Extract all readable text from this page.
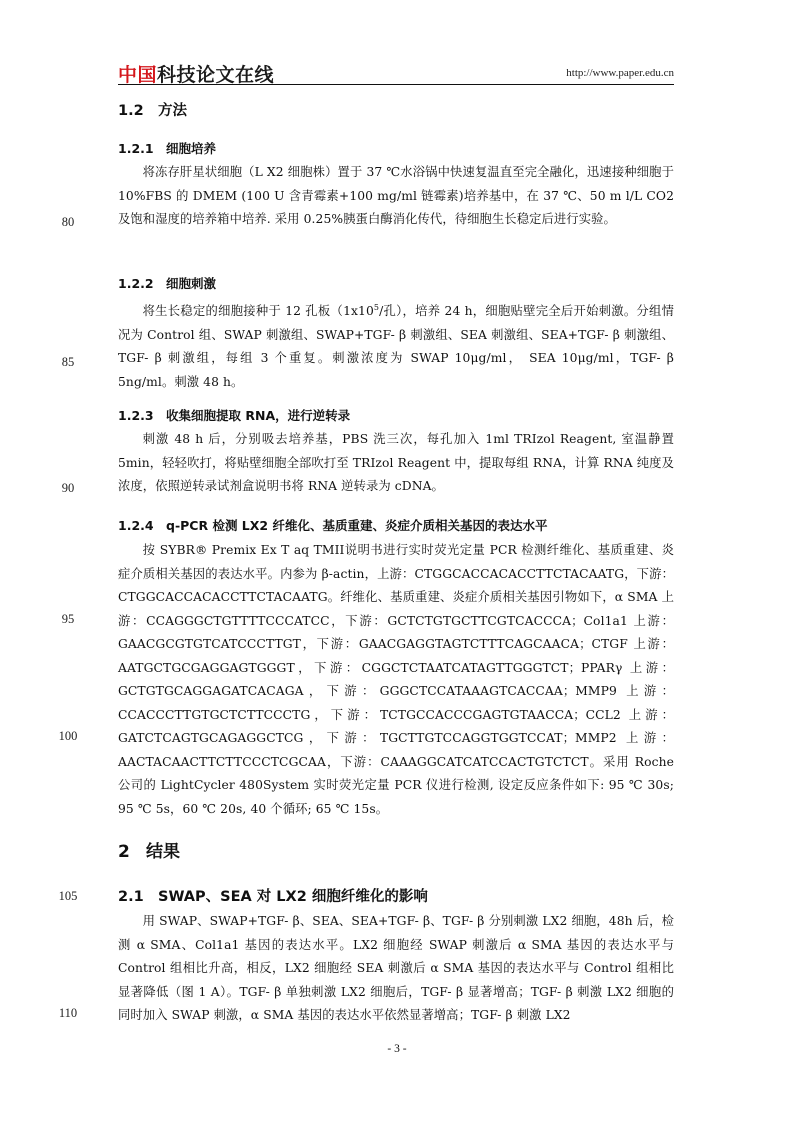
中国科技论文在线	http://www.paper.edu.cn
80
85
90
95
100
105
110
1.2 方法
1.2.1 细胞培养

将冻存肝星状细胞（L X2 细胞株）置于 37 ℃水浴锅中快速复温直至完全融化，迅速接种细胞于 10%FBS 的 DMEM (100 U 含青霉素+100 mg/ml 链霉素)培养基中，在 37 ℃、50 m l/L CO2 及饱和湿度的培养箱中培养. 采用 0.25%胰蛋白酶消化传代，待细胞生长稳定后进行实验。

1.2.2 细胞刺激

将生长稳定的细胞接种于 12 孔板（$1x10^5/$孔），培养 24 h，细胞贴壁完全后开始刺激。分组情况为 Control 组、SWAP 刺激组、SWAP+TGF- β 刺激组、SEA 刺激组、SEA+TGF- β 刺激组、TGF- β 刺激组，每组 3 个重复。刺激浓度为 SWAP 10μg/ml， SEA 10μg/ml，TGF- β 5ng/ml。刺激 48 h。

1.2.3 收集细胞提取 RNA，进行逆转录

刺激 48 h 后，分别吸去培养基，PBS 洗三次，每孔加入 1ml TRIzol Reagent, 室温静置 5min，轻轻吹打，将贴壁细胞全部吹打至 TRIzol Reagent 中，提取每组 RNA，计算 RNA 纯度及浓度，依照逆转录试剂盒说明书将 RNA 逆转录为 cDNA。

1.2.4 q-PCR 检测 LX2 纤维化、基质重建、炎症介质相关基因的表达水平

按 SYBR® Premix Ex T aq TMII说明书进行实时荧光定量 PCR 检测纤维化、基质重建、炎症介质相关基因的表达水平。内参为 β-actin，上游：CTGGCACCACACCTTCTACAATG，下游：CTGGCACCACACCTTCTACAATG。纤维化、基质重建、炎症介质相关基因引物如下，α SMA 上游：CCAGGGCTGTTTTCCCATCC，下游：GCTCTGTGCTTCGTCACCCA；Col1a1 上游：GAACGCGTGTCATCCCTTGT，下游：GAACGAGGTAGTCTTTCAGCAACA；CTGF 上游：AATGCTGCGAGGAGTGGGT，下游：CGGCTCTAATCATAGTTGGGTCT；PPARγ 上游：GCTGTGCAGGAGATCACAGA，下游：GGGCTCCATAAAGTCACCAA；MMP9 上游：CCACCCTTGTGCTCTTCCCTG，下游：TCTGCCACCCGAGTGTAACCA；CCL2 上游：GATCTCAGTGCAGAGGCTCG，下游：TGCTTGTCCAGGTGGTCCAT；MMP2 上游：AACTACAACTTCTTCCCTCGCAA，下游：CAAAGGCATCATCCACTGTCTCT。采用 Roche 公司的 LightCycler 480System 实时荧光定量 PCR 仪进行检测, 设定反应条件如下: 95 ℃ 30s; 95 ℃ 5s，60 ℃ 20s, 40 个循环; 65 ℃ 15s。

2 结果
2.1 SWAP、SEA 对 LX2 细胞纤维化的影响

用 SWAP、SWAP+TGF- β、SEA、SEA+TGF- β、TGF- β 分别刺激 LX2 细胞，48h 后，检测 α SMA、Col1a1 基因的表达水平。LX2 细胞经 SWAP 刺激后 α SMA 基因的表达水平与 Control 组相比升高，相反，LX2 细胞经 SEA 刺激后 α SMA 基因的表达水平与 Control 组相比显著降低（图 1 A）。TGF- β 单独刺激 LX2 细胞后，TGF- β 显著增高；TGF- β 刺激 LX2 细胞的同时加入 SWAP 刺激，α SMA 基因的表达水平依然显著增高；TGF- β 刺激 LX2

- 3 -
